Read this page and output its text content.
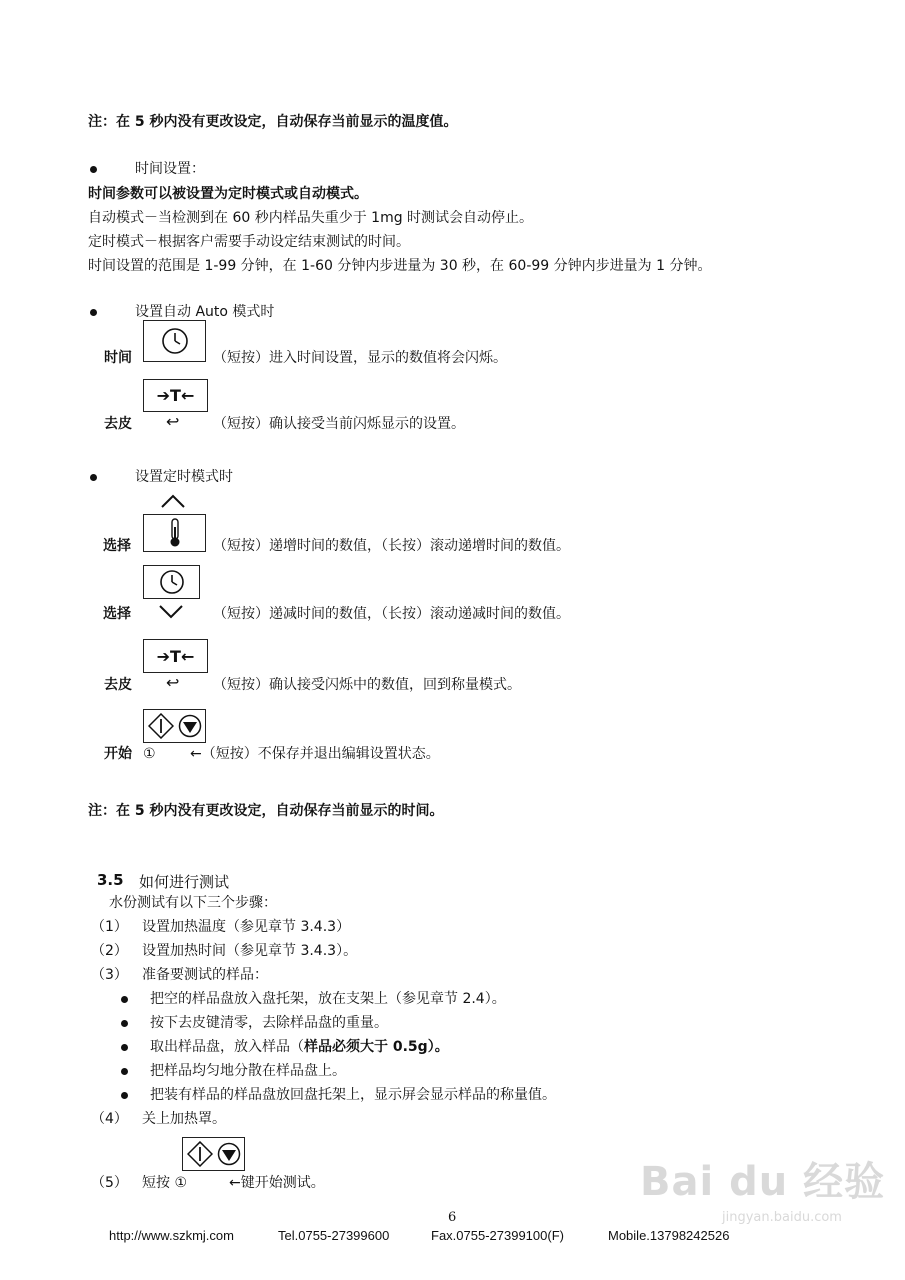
注：在 5 秒内没有更改设定，自动保存当前显示的温度值。
时间设置：
时间参数可以被设置为定时模式或自动模式。
自动模式－当检测到在 60 秒内样品失重少于 1mg 时测试会自动停止。
定时模式－根据客户需要手动设定结束测试的时间。
时间设置的范围是 1-99 分钟，在 1-60 分钟内步进量为 30 秒，在 60-99 分钟内步进量为 1 分钟。
设置自动 Auto 模式时
时间	（短按）进入时间设置，显示的数值将会闪烁。
➔T←
去皮 ↩ （短按）确认接受当前闪烁显示的设置。
设置定时模式时
选择	（短按）递增时间的数值，（长按）滚动递增时间的数值。
选择	（短按）递减时间的数值，（长按）滚动递减时间的数值。
➔T←
去皮 ↩ （短按）确认接受闪烁中的数值，回到称量模式。
开始 ① ←（短按）不保存并退出编辑设置状态。
注：在 5 秒内没有更改设定，自动保存当前显示的时间。
3.5 如何进行测试
水份测试有以下三个步骤：
（1） 设置加热温度（参见章节 3.4.3）
（2） 设置加热时间（参见章节 3.4.3）。
（3） 准备要测试的样品：
把空的样品盘放入盘托架，放在支架上（参见章节 2.4）。
按下去皮键清零，去除样品盘的重量。
取出样品盘，放入样品（样品必须大于 0.5g）。
把样品均匀地分散在样品盘上。
把装有样品的样品盘放回盘托架上，显示屏会显示样品的称量值。
（4） 关上加热罩。
（5） 短按 ①	←键开始测试。
6
Bai du 经验
jingyan.baidu.com
http://www.szkmj.com	Tel.0755-27399600	Fax.0755-27399100(F)	Mobile.13798242526
